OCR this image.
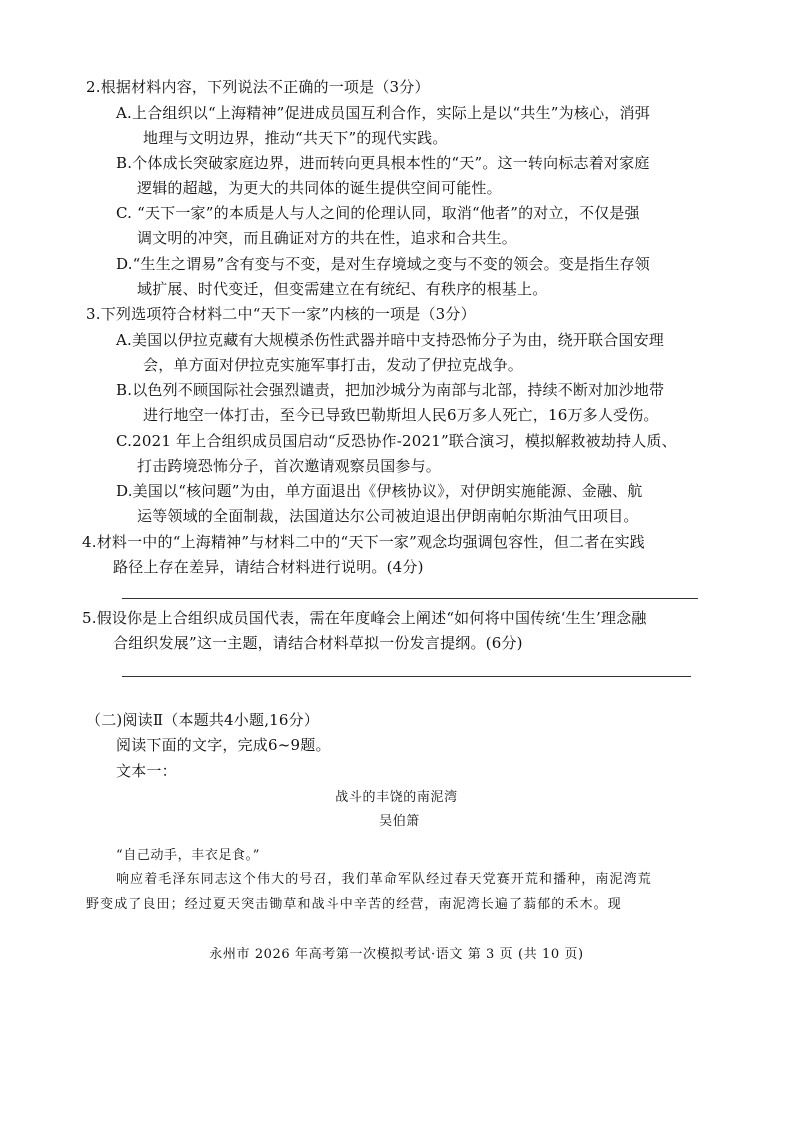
2.根据材料内容，下列说法不正确的一项是（3分）
A.上合组织以“上海精神”促进成员国互利合作，实际上是以“共生”为核心，消弭
地理与文明边界，推动“共天下”的现代实践。
B.个体成长突破家庭边界，进而转向更具根本性的“天”。这一转向标志着对家庭
逻辑的超越，为更大的共同体的诞生提供空间可能性。
C. “天下一家”的本质是人与人之间的伦理认同，取消“他者”的对立，不仅是强
调文明的冲突，而且确证对方的共在性，追求和合共生。
D.“生生之谓易”含有变与不变，是对生存境域之变与不变的领会。变是指生存领
域扩展、时代变迁，但变需建立在有统纪、有秩序的根基上。
3.下列选项符合材料二中“天下一家”内核的一项是（3分）
A.美国以伊拉克藏有大规模杀伤性武器并暗中支持恐怖分子为由，绕开联合国安理
会，单方面对伊拉克实施军事打击，发动了伊拉克战争。
B.以色列不顾国际社会强烈谴责，把加沙城分为南部与北部，持续不断对加沙地带
进行地空一体打击，至今已导致巴勒斯坦人民6万多人死亡，16万多人受伤。
C.2021 年上合组织成员国启动“反恐协作-2021”联合演习，模拟解救被劫持人质、
打击跨境恐怖分子，首次邀请观察员国参与。
D.美国以“核问题”为由，单方面退出《伊核协议》，对伊朗实施能源、金融、航
运等领域的全面制裁，法国道达尔公司被迫退出伊朗南帕尔斯油气田项目。
4.材料一中的“上海精神”与材料二中的“天下一家”观念均强调包容性，但二者在实践
路径上存在差异，请结合材料进行说明。(4分)
5.假设你是上合组织成员国代表，需在年度峰会上阐述“如何将中国传统‘生生’理念融
合组织发展”这一主题，请结合材料草拟一份发言提纲。(6分)
（二)阅读Ⅱ（本题共4小题,16分）
阅读下面的文字，完成6~9题。
文本一：
战斗的丰饶的南泥湾
吴伯箫
“自己动手，丰衣足食。”
响应着毛泽东同志这个伟大的号召，我们革命军队经过春天党赛开荒和播种，南泥湾荒
野变成了良田；经过夏天突击锄草和战斗中辛苦的经营，南泥湾长遍了蓊郁的禾木。现
永州市 2026 年高考第一次模拟考试·语文 第 3 页 (共 10 页)
